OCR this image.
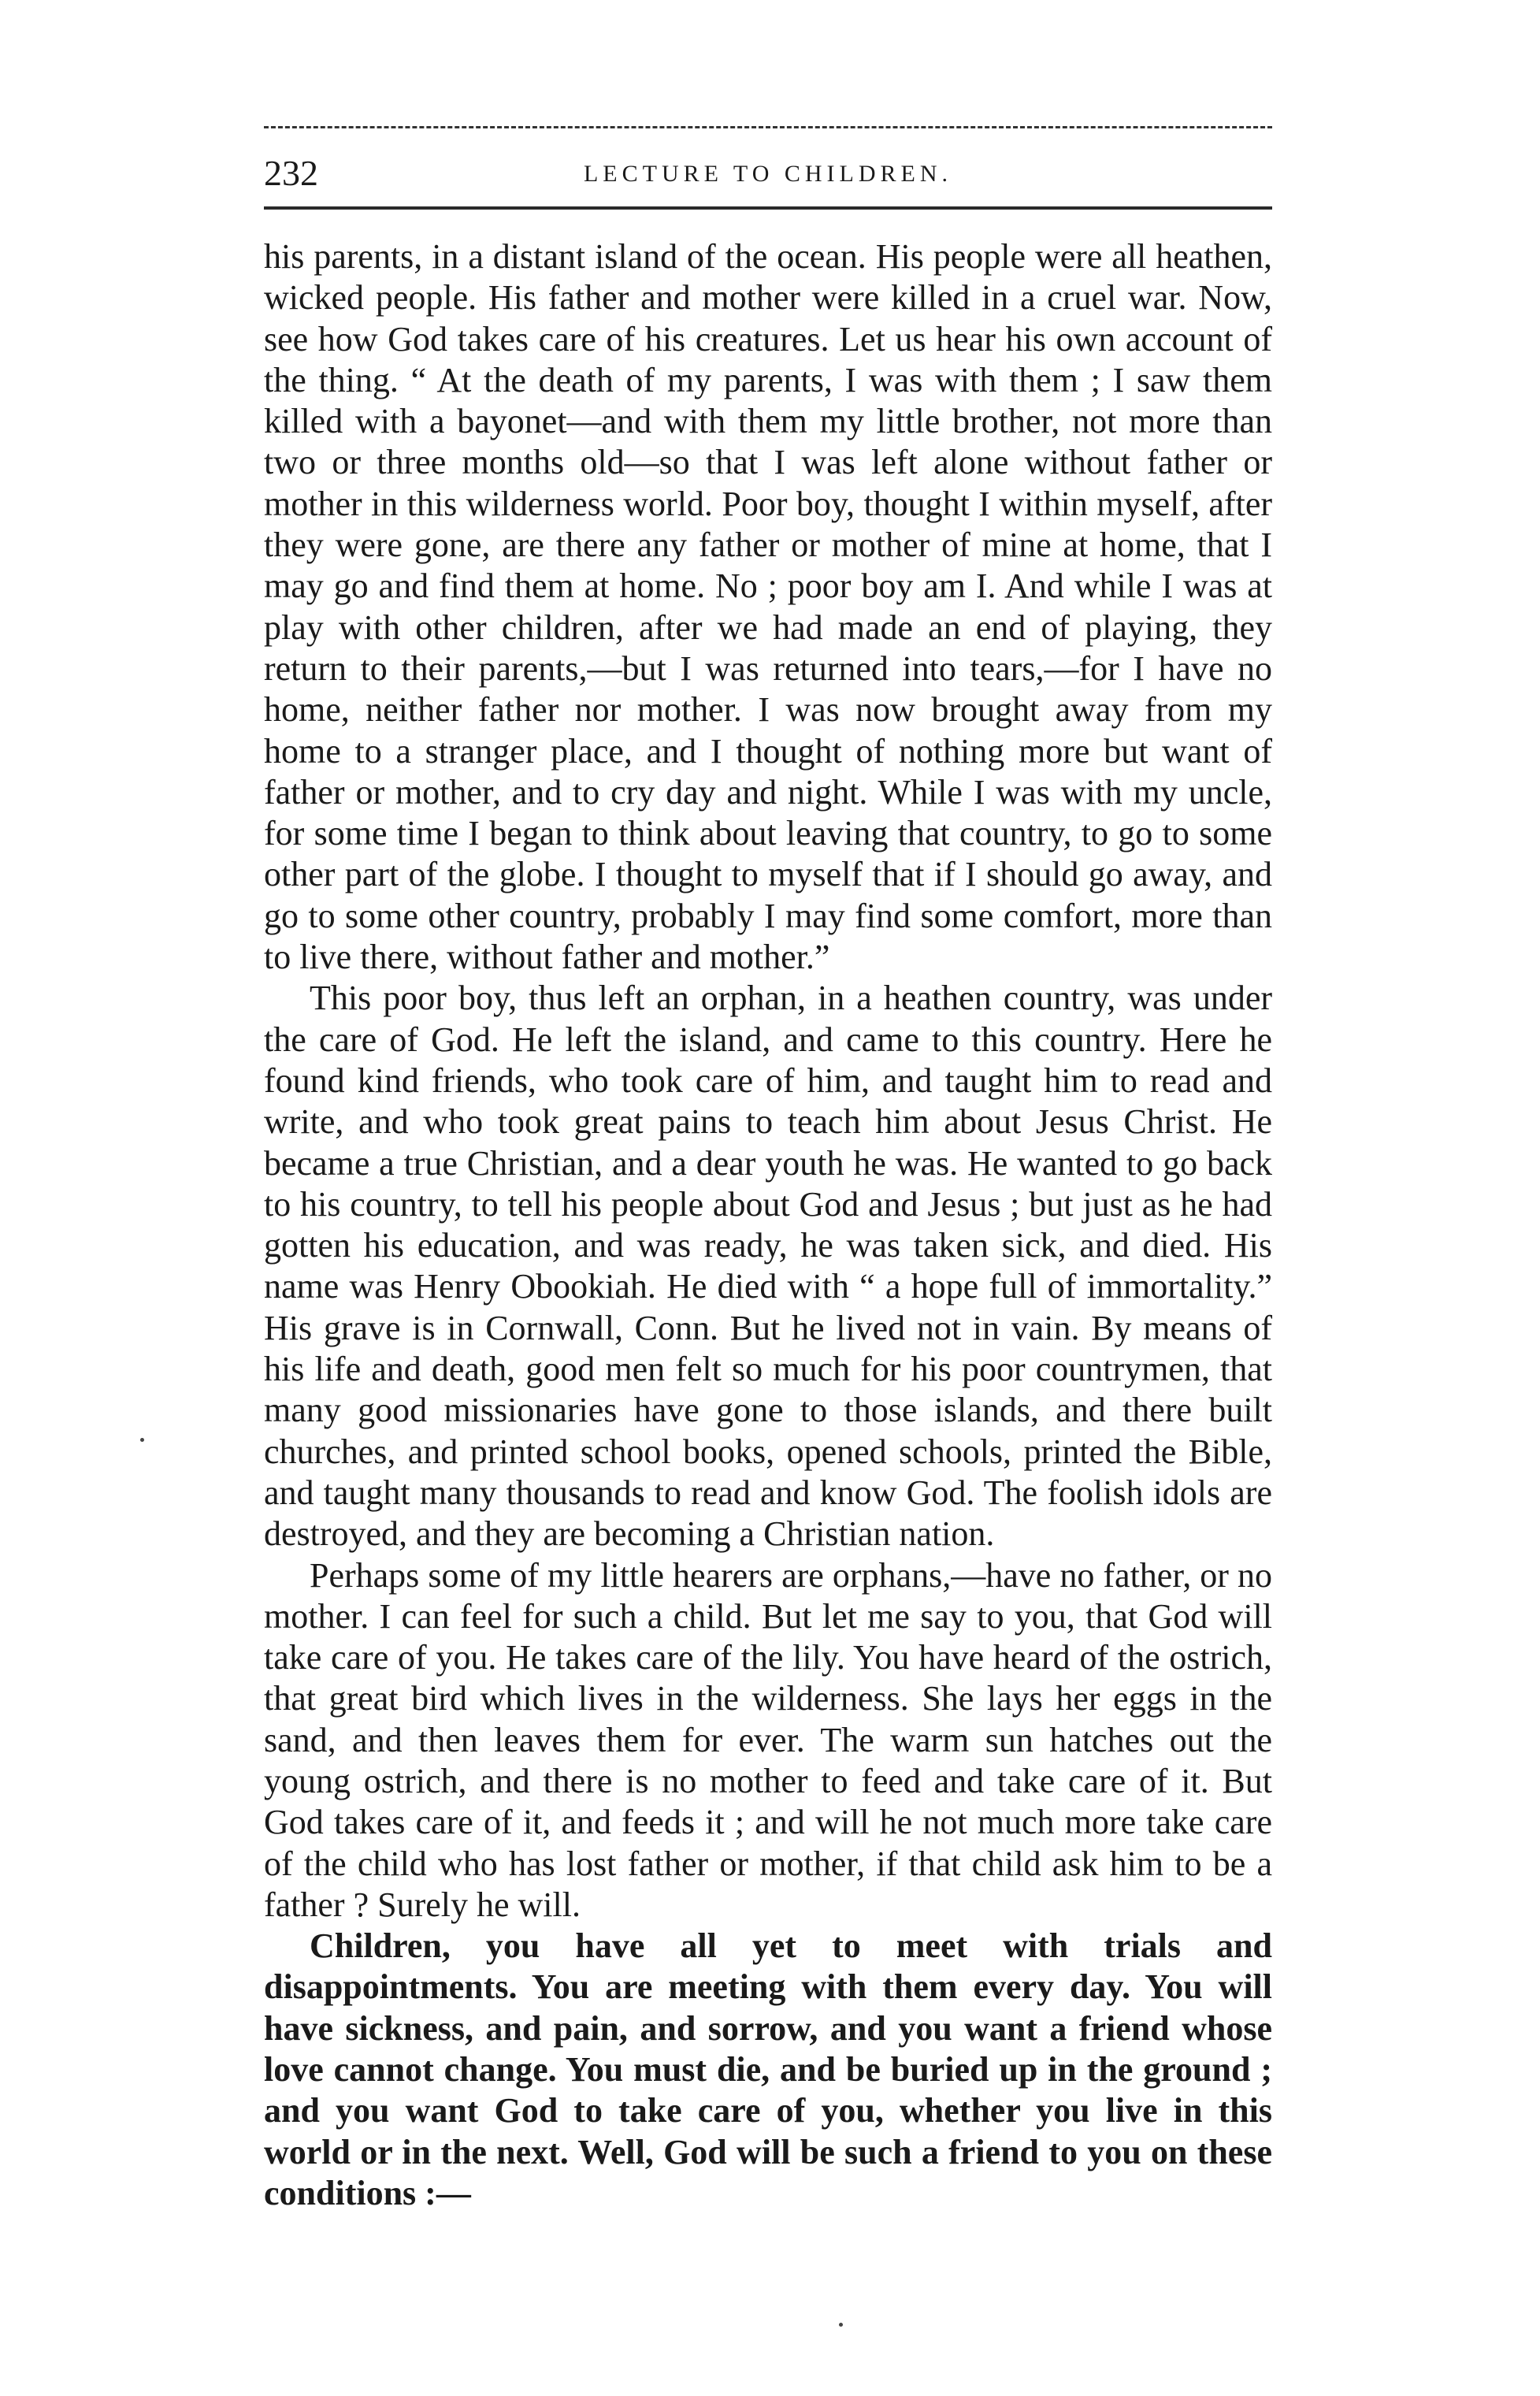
232	LECTURE TO CHILDREN.

his parents, in a distant island of the ocean. His people were all heathen, wicked people. His father and mother were killed in a cruel war. Now, see how God takes care of his creatures. Let us hear his own account of the thing. “ At the death of my parents, I was with them ; I saw them killed with a bayonet—and with them my little brother, not more than two or three months old—so that I was left alone without father or mother in this wilderness world. Poor boy, thought I within myself, after they were gone, are there any father or mother of mine at home, that I may go and find them at home. No ; poor boy am I. And while I was at play with other children, after we had made an end of playing, they return to their parents,—but I was returned into tears,—for I have no home, neither father nor mother. I was now brought away from my home to a stranger place, and I thought of nothing more but want of father or mother, and to cry day and night. While I was with my uncle, for some time I began to think about leaving that country, to go to some other part of the globe. I thought to myself that if I should go away, and go to some other country, probably I may find some comfort, more than to live there, without father and mother.”

This poor boy, thus left an orphan, in a heathen country, was under the care of God. He left the island, and came to this country. Here he found kind friends, who took care of him, and taught him to read and write, and who took great pains to teach him about Jesus Christ. He became a true Christian, and a dear youth he was. He wanted to go back to his country, to tell his people about God and Jesus ; but just as he had gotten his education, and was ready, he was taken sick, and died. His name was Henry Obookiah. He died with “ a hope full of immortality.” His grave is in Cornwall, Conn. But he lived not in vain. By means of his life and death, good men felt so much for his poor countrymen, that many good missionaries have gone to those islands, and there built churches, and printed school books, opened schools, printed the Bible, and taught many thousands to read and know God. The foolish idols are destroyed, and they are becoming a Christian nation.

Perhaps some of my little hearers are orphans,—have no father, or no mother. I can feel for such a child. But let me say to you, that God will take care of you. He takes care of the lily. You have heard of the ostrich, that great bird which lives in the wilderness. She lays her eggs in the sand, and then leaves them for ever. The warm sun hatches out the young ostrich, and there is no mother to feed and take care of it. But God takes care of it, and feeds it ; and will he not much more take care of the child who has lost father or mother, if that child ask him to be a father ? Surely he will.

Children, you have all yet to meet with trials and disappointments. You are meeting with them every day. You will have sickness, and pain, and sorrow, and you want a friend whose love cannot change. You must die, and be buried up in the ground ; and you want God to take care of you, whether you live in this world or in the next. Well, God will be such a friend to you on these conditions :—
